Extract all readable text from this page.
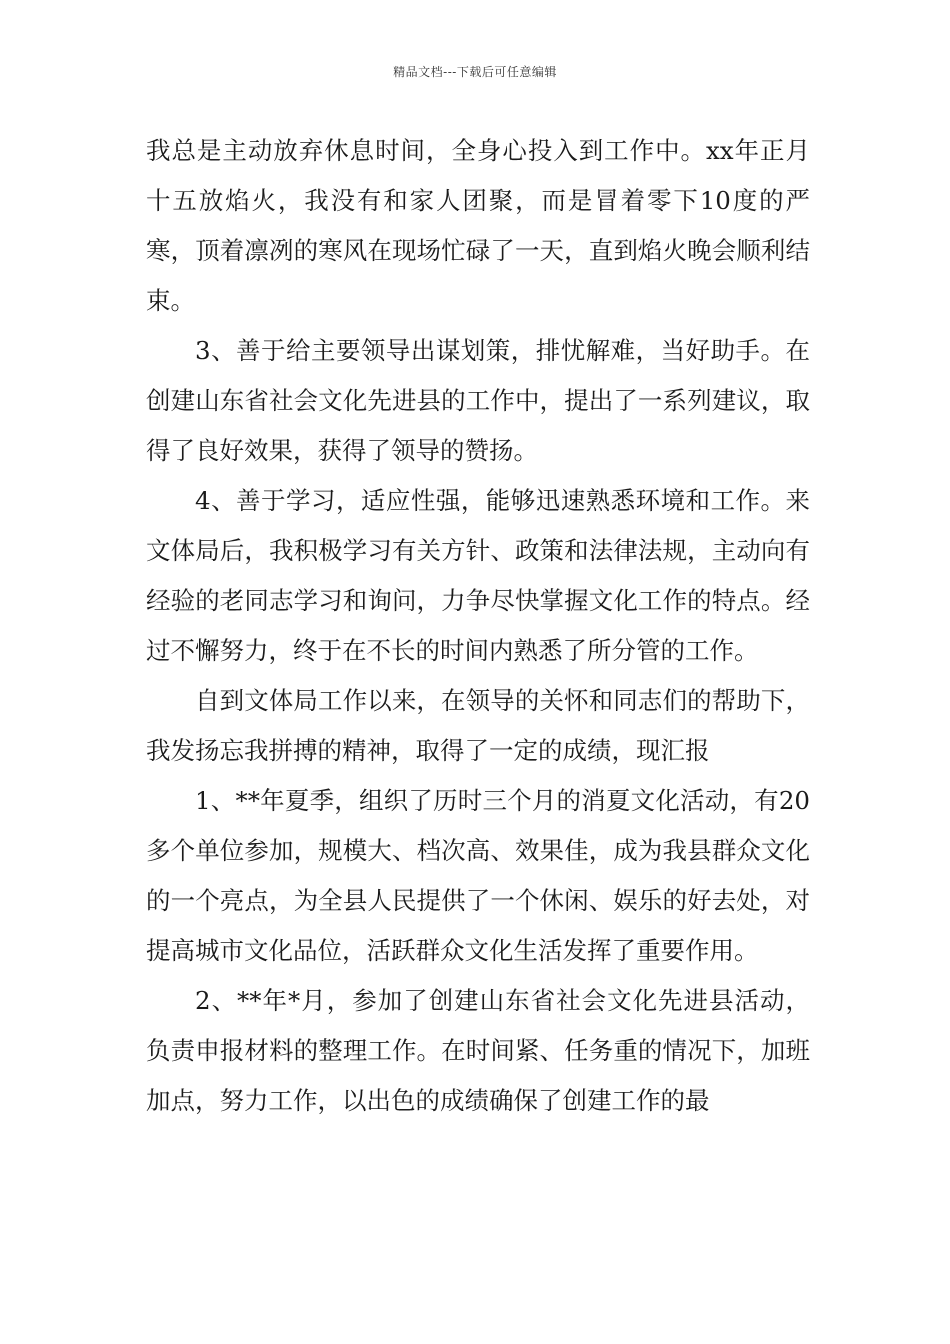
精品文档---下载后可任意编辑

我总是主动放弃休息时间，全身心投入到工作中。xx年正月十五放焰火，我没有和家人团聚，而是冒着零下10度的严寒，顶着凛冽的寒风在现场忙碌了一天，直到焰火晚会顺利结束。

3、善于给主要领导出谋划策，排忧解难，当好助手。在创建山东省社会文化先进县的工作中，提出了一系列建议，取得了良好效果，获得了领导的赞扬。

4、善于学习，适应性强，能够迅速熟悉环境和工作。来文体局后，我积极学习有关方针、政策和法律法规，主动向有经验的老同志学习和询问，力争尽快掌握文化工作的特点。经过不懈努力，终于在不长的时间内熟悉了所分管的工作。

自到文体局工作以来，在领导的关怀和同志们的帮助下，我发扬忘我拼搏的精神，取得了一定的成绩，现汇报

1、**年夏季，组织了历时三个月的消夏文化活动，有20多个单位参加，规模大、档次高、效果佳，成为我县群众文化的一个亮点，为全县人民提供了一个休闲、娱乐的好去处，对提高城市文化品位，活跃群众文化生活发挥了重要作用。

2、**年*月，参加了创建山东省社会文化先进县活动，负责申报材料的整理工作。在时间紧、任务重的情况下，加班加点，努力工作，以出色的成绩确保了创建工作的最
